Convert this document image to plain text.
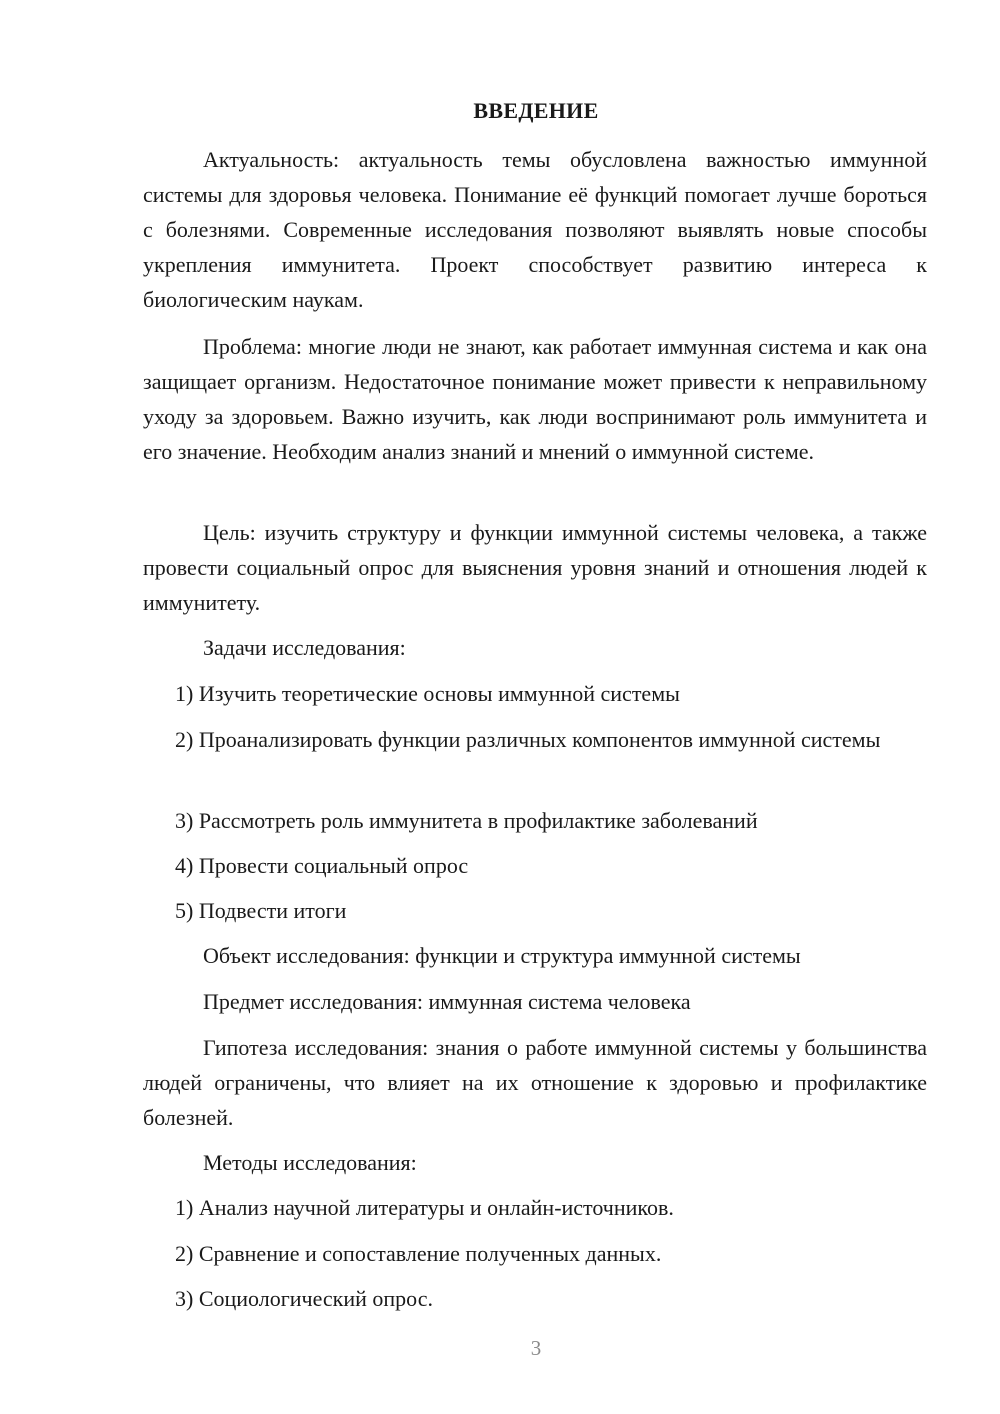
ВВЕДЕНИЕ

Актуальность: актуальность темы обусловлена важностью иммунной системы для здоровья человека. Понимание её функций помогает лучше бороться с болезнями. Современные исследования позволяют выявлять новые способы укрепления иммунитета. Проект способствует развитию интереса к биологическим наукам.

Проблема: многие люди не знают, как работает иммунная система и как она защищает организм. Недостаточное понимание может привести к неправильному уходу за здоровьем. Важно изучить, как люди воспринимают роль иммунитета и его значение. Необходим анализ знаний и мнений о иммунной системе.

Цель: изучить структуру и функции иммунной системы человека, а также провести социальный опрос для выяснения уровня знаний и отношения людей к иммунитету.

Задачи исследования:

1) Изучить теоретические основы иммунной системы

2) Проанализировать функции различных компонентов иммунной системы

3) Рассмотреть роль иммунитета в профилактике заболеваний

4) Провести социальный опрос

5) Подвести итоги

Объект исследования: функции и структура иммунной системы

Предмет исследования: иммунная система человека

Гипотеза исследования: знания о работе иммунной системы у большинства людей ограничены, что влияет на их отношение к здоровью и профилактике болезней.

Методы исследования:

1) Анализ научной литературы и онлайн-источников.

2) Сравнение и сопоставление полученных данных.

3) Социологический опрос.

3
